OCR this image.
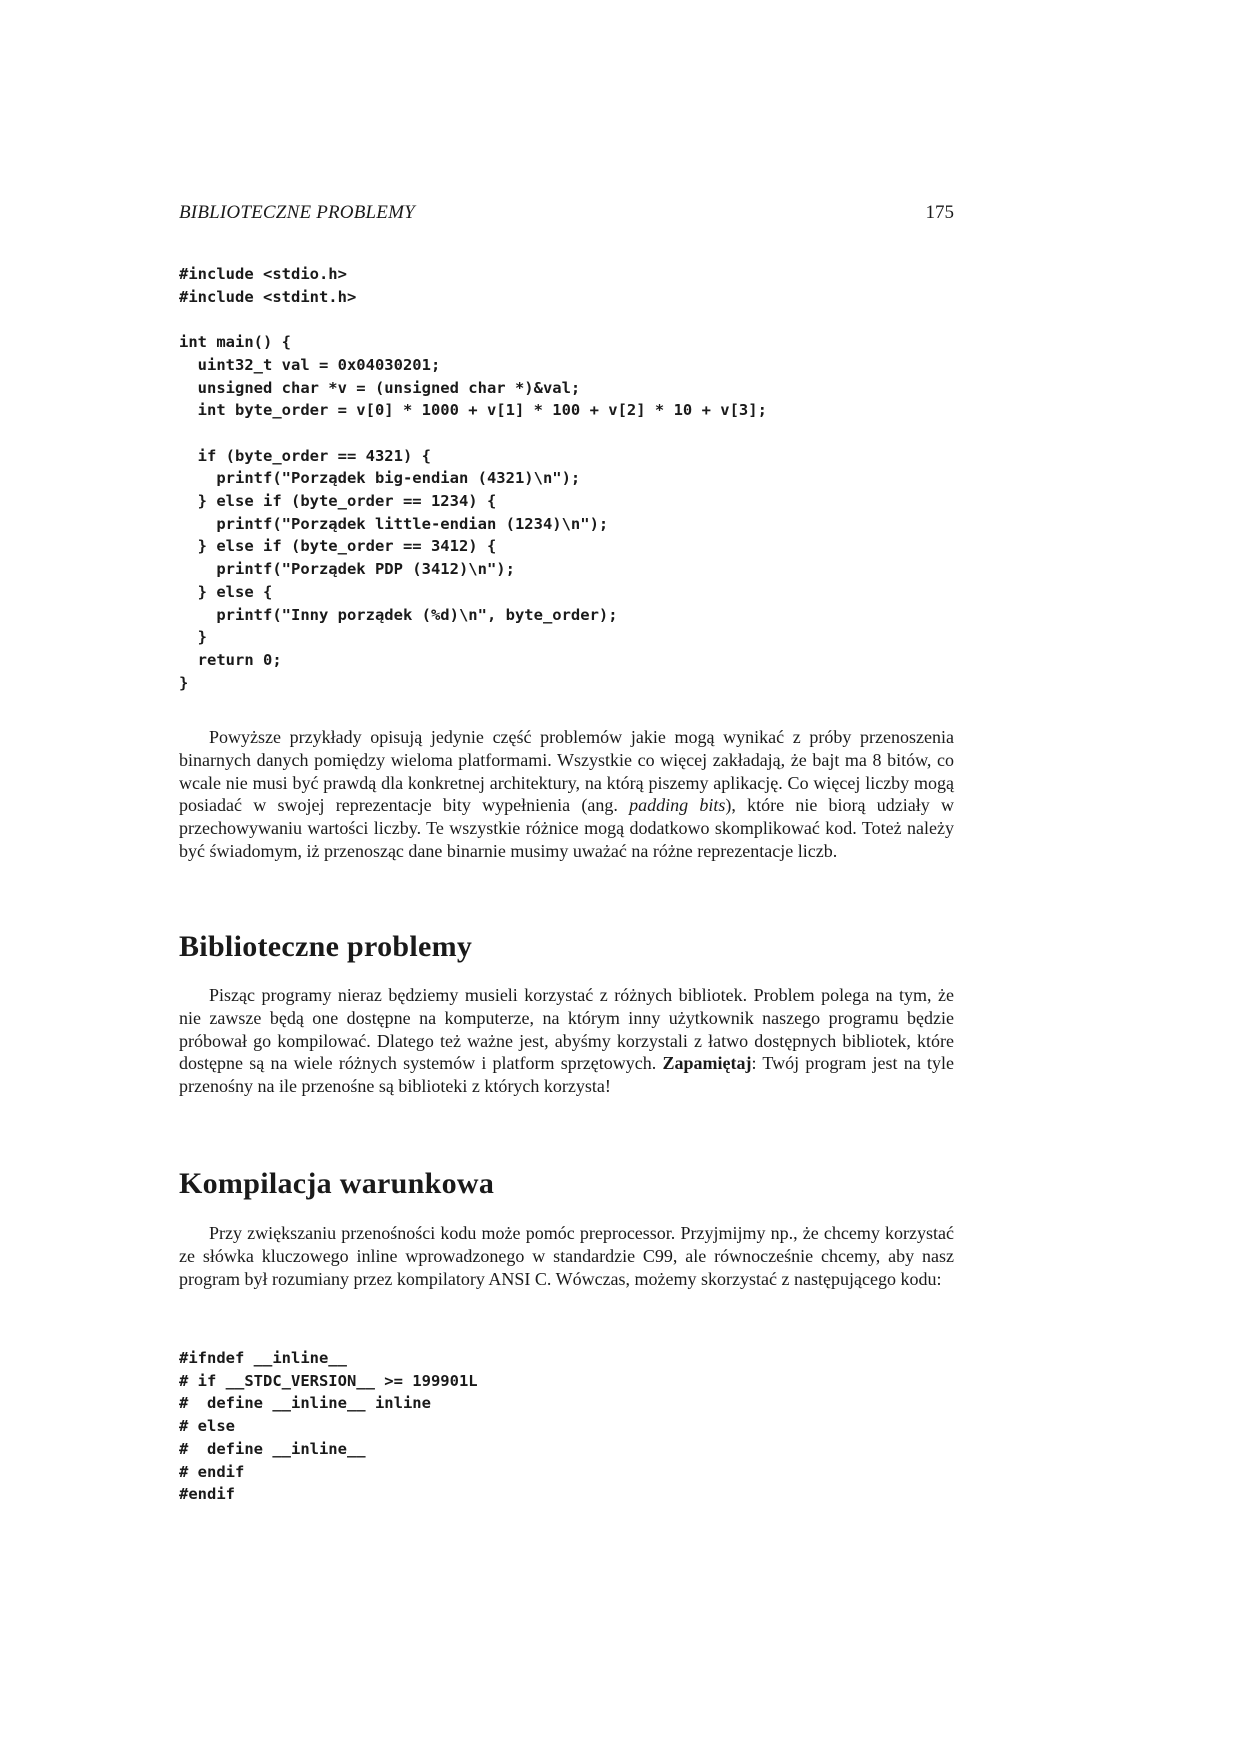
BIBLIOTECZNE PROBLEMY	175
#include <stdio.h>
#include <stdint.h>

int main() {
uint32_t val = 0x04030201;
unsigned char *v = (unsigned char *)&val;
int byte_order = v[0] * 1000 + v[1] * 100 + v[2] * 10 + v[3];

if (byte_order == 4321) {
printf("Porządek big-endian (4321)\n");
} else if (byte_order == 1234) {
printf("Porządek little-endian (1234)\n");
} else if (byte_order == 3412) {
printf("Porządek PDP (3412)\n");
} else {
printf("Inny porządek (%d)\n", byte_order);
}
return 0;
}

Powyższe przykłady opisują jedynie część problemów jakie mogą wynikać z próby przenoszenia binarnych danych pomiędzy wieloma platformami. Wszystkie co więcej zakładają, że bajt ma 8 bitów, co wcale nie musi być prawdą dla konkretnej architektury, na którą piszemy aplikację. Co więcej liczby mogą posiadać w swojej reprezentacje bity wypełnienia (ang. padding bits), które nie biorą udziały w przechowywaniu wartości liczby. Te wszystkie różnice mogą dodatkowo skomplikować kod. Toteż należy być świadomym, iż przenosząc dane binarnie musimy uważać na różne reprezentacje liczb.

Biblioteczne problemy

Pisząc programy nieraz będziemy musieli korzystać z różnych bibliotek. Problem polega na tym, że nie zawsze będą one dostępne na komputerze, na którym inny użytkownik naszego programu będzie próbował go kompilować. Dlatego też ważne jest, abyśmy korzystali z łatwo dostępnych bibliotek, które dostępne są na wiele różnych systemów i platform sprzętowych. Zapamiętaj: Twój program jest na tyle przenośny na ile przenośne są biblioteki z których korzysta!

Kompilacja warunkowa

Przy zwiększaniu przenośności kodu może pomóc preprocessor. Przyjmijmy np., że chcemy korzystać ze słówka kluczowego inline wprowadzonego w standardzie C99, ale równocześnie chcemy, aby nasz program był rozumiany przez kompilatory ANSI C. Wówczas, możemy skorzystać z następującego kodu:

#ifndef __inline__
# if __STDC_VERSION__ >= 199901L
#  define __inline__ inline
# else
#  define __inline__
# endif
#endif
